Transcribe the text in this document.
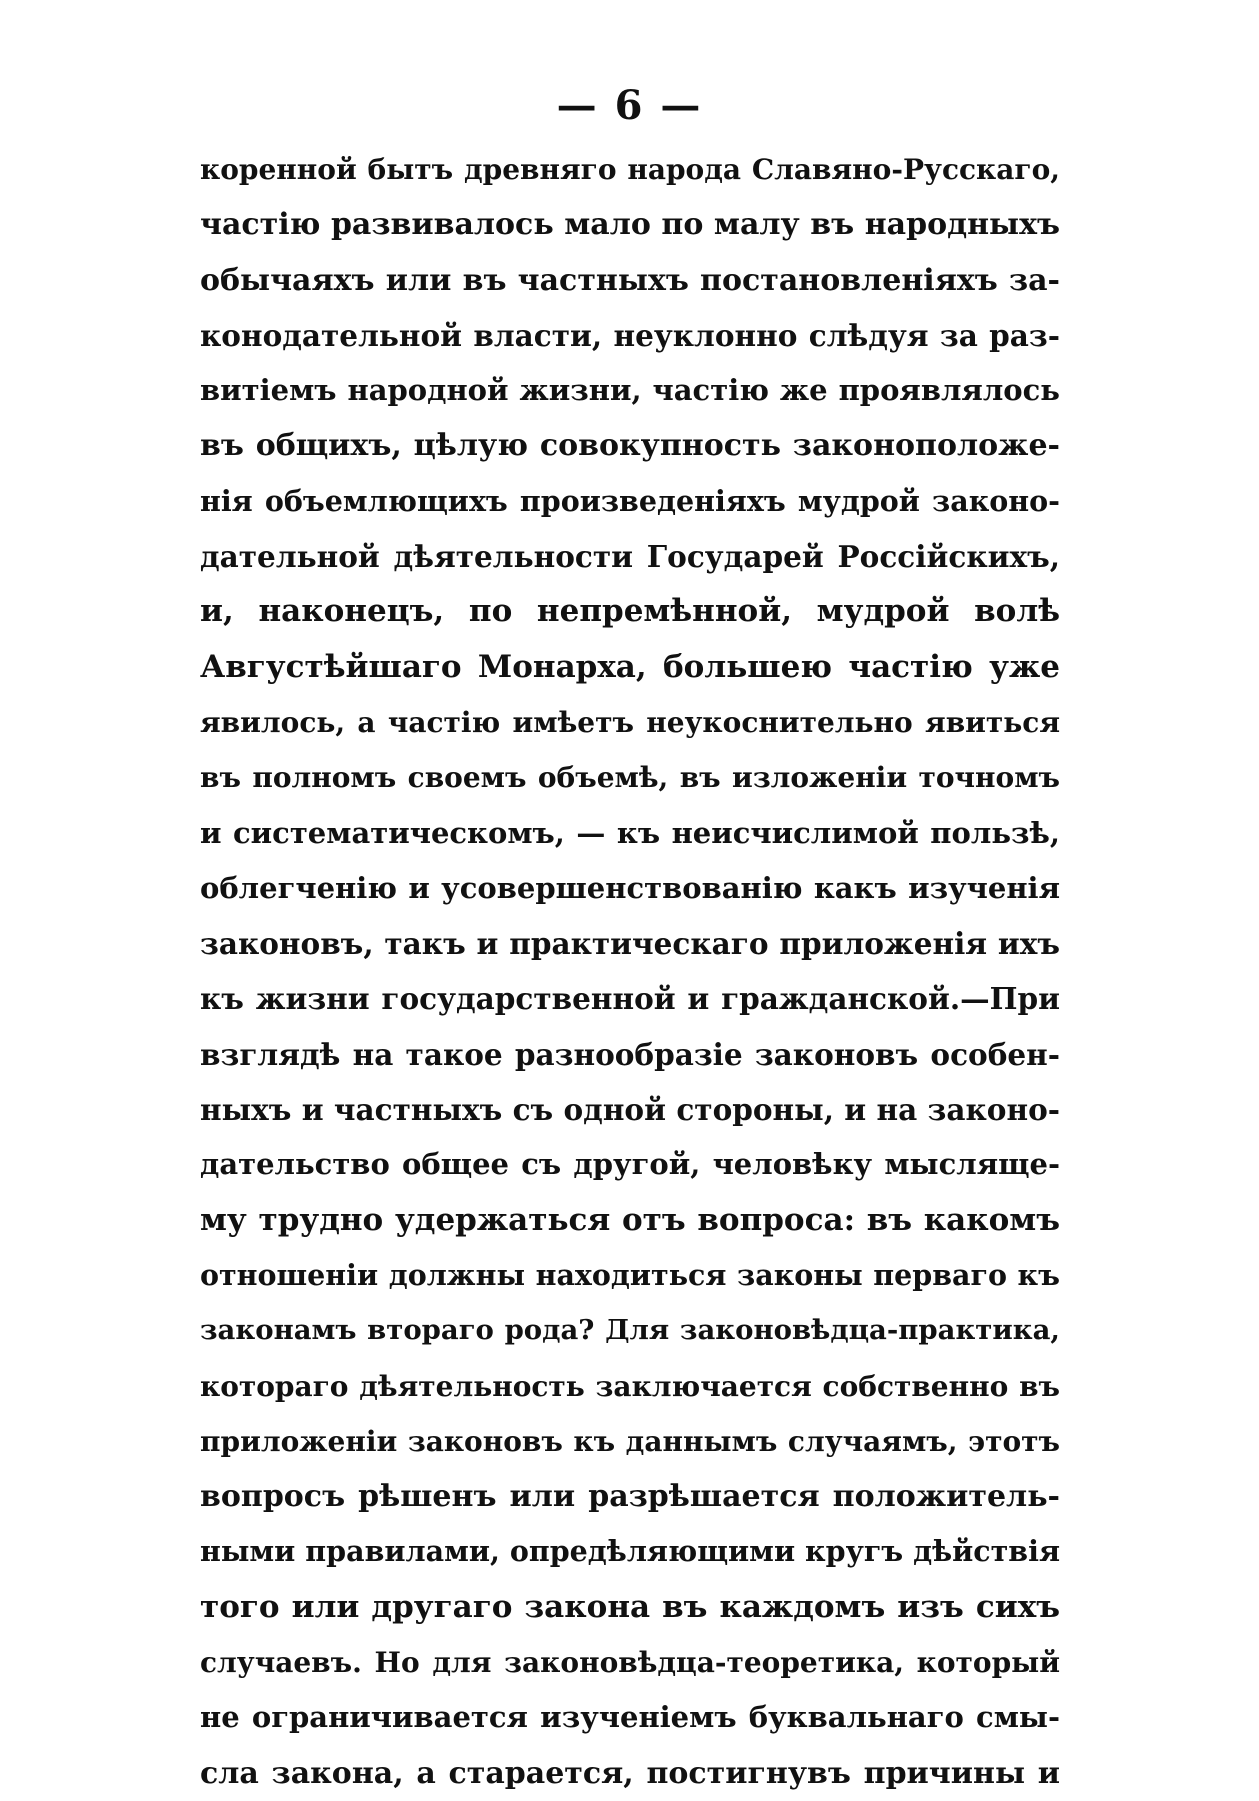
— 6 —
коренной бытъ древняго народа Славяно-Русскаго,
частію развивалось мало по малу въ народныхъ
обычаяхъ или въ частныхъ постановленіяхъ за-
конодательной власти, неуклонно слѣдуя за раз-
витіемъ народной жизни, частію же проявлялось
въ общихъ, цѣлую совокупность законоположе-
нія объемлющихъ произведеніяхъ мудрой законо-
дательной дѣятельности Государей Россійскихъ,
и, наконецъ, по непремѣнной, мудрой волѣ
Августѣйшаго Монарха, большею частію уже
явилось, а частію имѣетъ неукоснительно явиться
въ полномъ своемъ объемѣ, въ изложеніи точномъ
и систематическомъ, — къ неисчислимой пользѣ,
облегченію и усовершенствованію какъ изученія
законовъ, такъ и практическаго приложенія ихъ
къ жизни государственной и гражданской.—При
взглядѣ на такое разнообразіе законовъ особен-
ныхъ и частныхъ съ одной стороны, и на законо-
дательство общее съ другой, человѣку мысляще-
му трудно удержаться отъ вопроса: въ какомъ
отношеніи должны находиться законы перваго къ
законамъ втораго рода? Для законовѣдца-практика,
котораго дѣятельность заключается собственно въ
приложеніи законовъ къ даннымъ случаямъ, этотъ
вопросъ рѣшенъ или разрѣшается положитель-
ными правилами, опредѣляющими кругъ дѣйствія
того или другаго закона въ каждомъ изъ сихъ
случаевъ. Но для законовѣдца-теоретика, который
не ограничивается изученіемъ буквальнаго смы-
сла закона, а старается, постигнувъ причины и
